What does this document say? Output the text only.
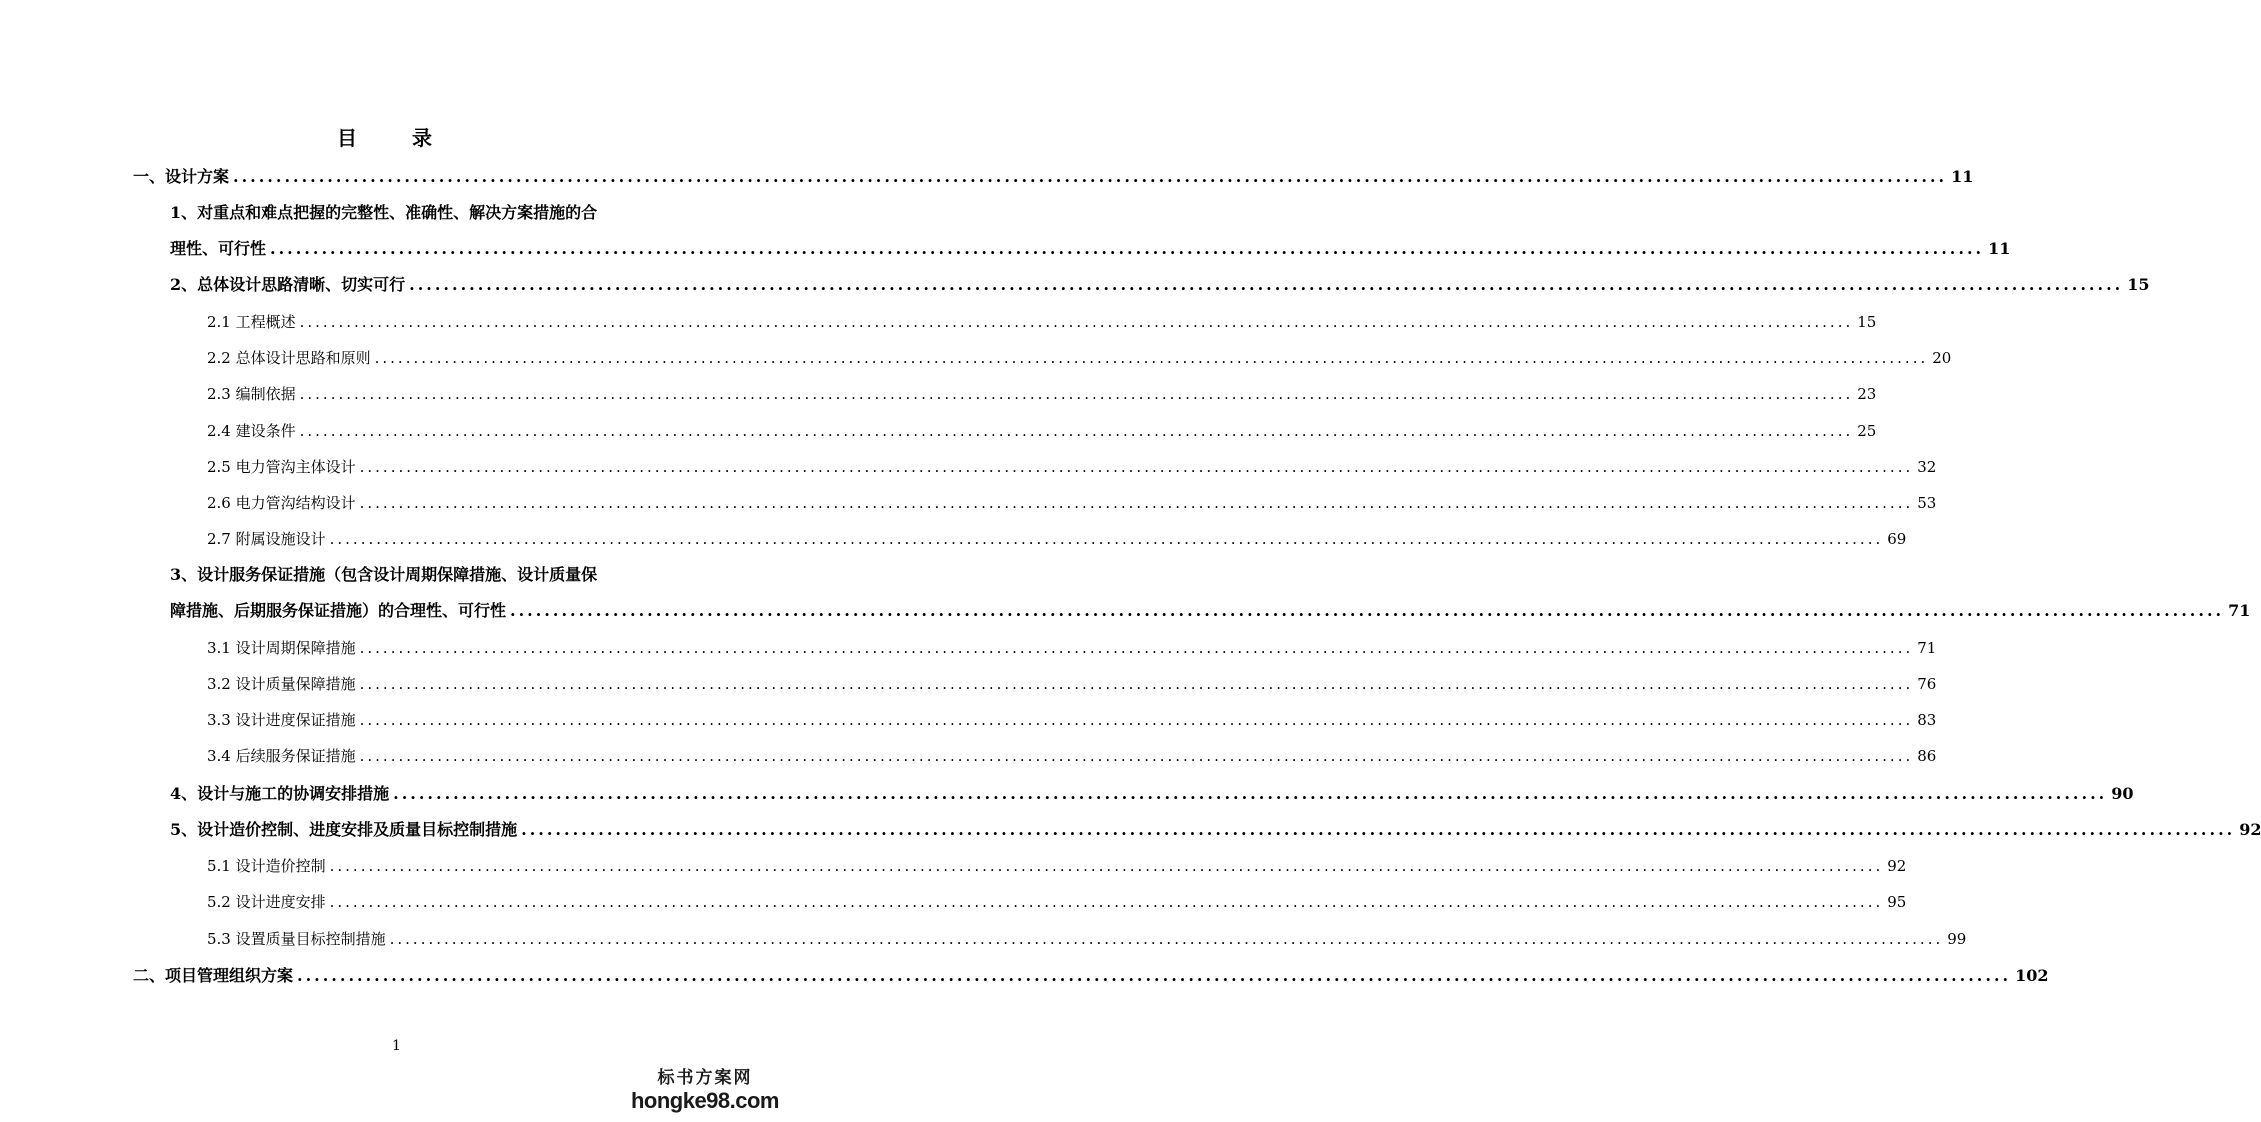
目 录
一、设计方案 ........................................................................................................................................................................................................ 11
1、对重点和难点把握的完整性、准确性、解决方案措施的合
理性、可行性 ........................................................................................................................................................................................................ 11
2、总体设计思路清晰、切实可行 ........................................................................................................................................................................................................ 15
2.1 工程概述 ........................................................................................................................................................................................................ 15
2.2 总体设计思路和原则 ........................................................................................................................................................................................................ 20
2.3 编制依据 ........................................................................................................................................................................................................ 23
2.4 建设条件 ........................................................................................................................................................................................................ 25
2.5 电力管沟主体设计 ........................................................................................................................................................................................................ 32
2.6 电力管沟结构设计 ........................................................................................................................................................................................................ 53
2.7 附属设施设计 ........................................................................................................................................................................................................ 69
3、设计服务保证措施（包含设计周期保障措施、设计质量保
障措施、后期服务保证措施）的合理性、可行性 ........................................................................................................................................................................................................ 71
3.1 设计周期保障措施 ........................................................................................................................................................................................................ 71
3.2 设计质量保障措施 ........................................................................................................................................................................................................ 76
3.3 设计进度保证措施 ........................................................................................................................................................................................................ 83
3.4 后续服务保证措施 ........................................................................................................................................................................................................ 86
4、设计与施工的协调安排措施 ........................................................................................................................................................................................................ 90
5、设计造价控制、进度安排及质量目标控制措施 ........................................................................................................................................................................................................ 92
5.1 设计造价控制 ........................................................................................................................................................................................................ 92
5.2 设计进度安排 ........................................................................................................................................................................................................ 95
5.3 设置质量目标控制措施 ........................................................................................................................................................................................................ 99
二、项目管理组织方案 ........................................................................................................................................................................................................ 102
1
标书方案网
hongke98.com
